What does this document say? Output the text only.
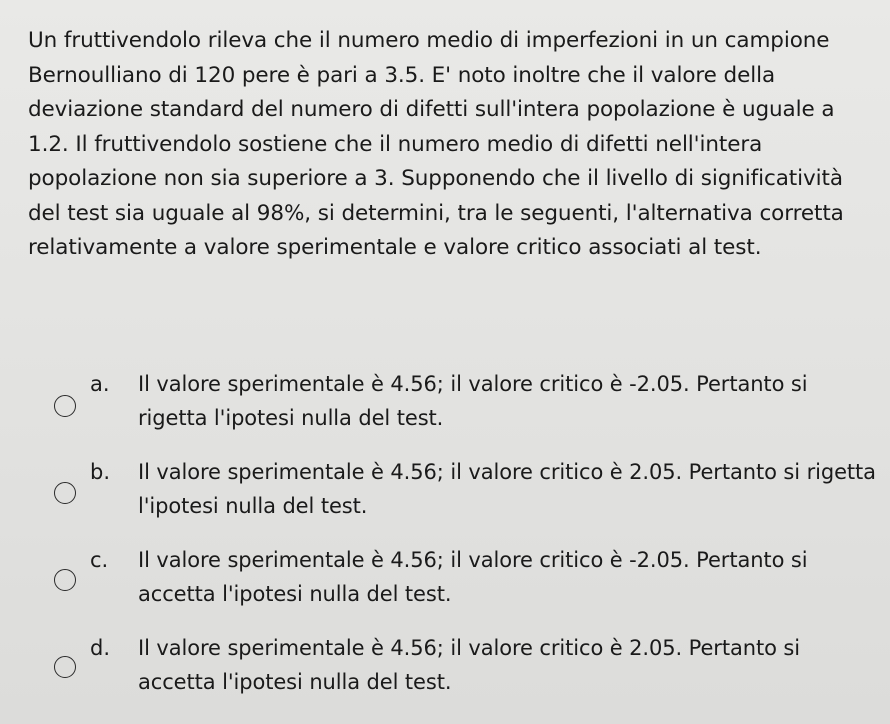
Un fruttivendolo rileva che il numero medio di imperfezioni in un campione Bernoulliano di 120 pere è pari a 3.5. E' noto inoltre che il valore della deviazione standard del numero di difetti sull'intera popolazione è uguale a 1.2. Il fruttivendolo sostiene che il numero medio di difetti nell'intera popolazione non sia superiore a 3. Supponendo che il livello di significatività del test sia uguale al 98%, si determini, tra le seguenti, l'alternativa corretta relativamente a valore sperimentale e valore critico associati al test.

a. Il valore sperimentale è 4.56; il valore critico è -2.05. Pertanto si rigetta l'ipotesi nulla del test.

b. Il valore sperimentale è 4.56; il valore critico è 2.05. Pertanto si rigetta l'ipotesi nulla del test.

c. Il valore sperimentale è 4.56; il valore critico è -2.05. Pertanto si accetta l'ipotesi nulla del test.

d. Il valore sperimentale è 4.56; il valore critico è 2.05. Pertanto si accetta l'ipotesi nulla del test.
